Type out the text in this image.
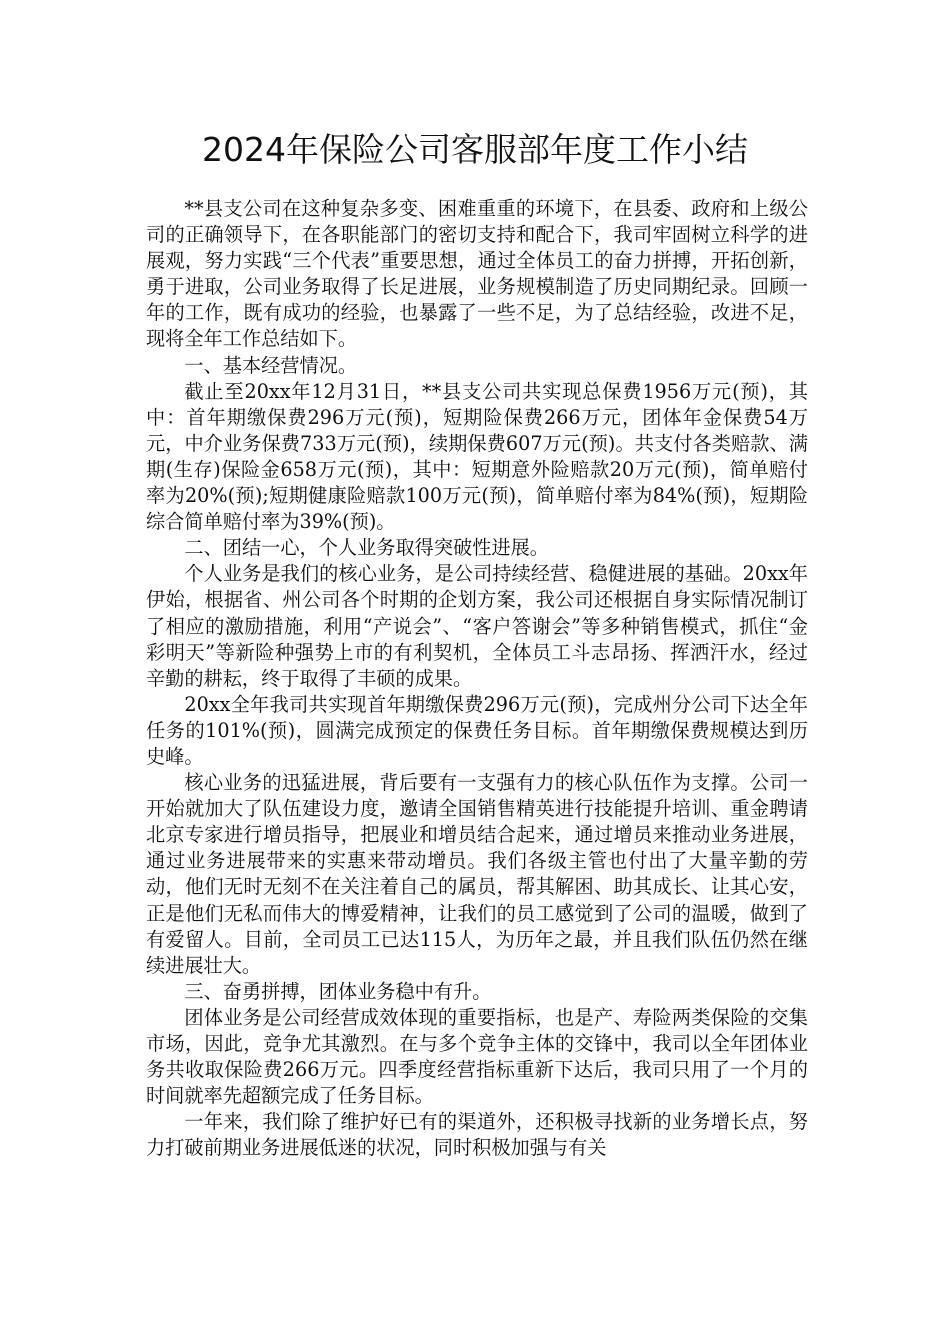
2024年保险公司客服部年度工作小结

**县支公司在这种复杂多变、困难重重的环境下，在县委、政府和上级公司的正确领导下，在各职能部门的密切支持和配合下，我司牢固树立科学的进展观，努力实践“三个代表”重要思想，通过全体员工的奋力拼搏，开拓创新，勇于进取，公司业务取得了长足进展，业务规模制造了历史同期纪录。回顾一年的工作，既有成功的经验，也暴露了一些不足，为了总结经验，改进不足，现将全年工作总结如下。

一、基本经营情况。

截止至20xx年12月31日，**县支公司共实现总保费1956万元(预)，其中：首年期缴保费296万元(预)，短期险保费266万元，团体年金保费54万元，中介业务保费733万元(预)，续期保费607万元(预)。共支付各类赔款、满期(生存)保险金658万元(预)，其中：短期意外险赔款20万元(预)，简单赔付率为20%(预);短期健康险赔款100万元(预)，简单赔付率为84%(预)，短期险综合简单赔付率为39%(预)。

二、团结一心，个人业务取得突破性进展。

个人业务是我们的核心业务，是公司持续经营、稳健进展的基础。20xx年伊始，根据省、州公司各个时期的企划方案，我公司还根据自身实际情况制订了相应的激励措施，利用“产说会”、“客户答谢会”等多种销售模式，抓住“金彩明天”等新险种强势上市的有利契机，全体员工斗志昂扬、挥洒汗水，经过辛勤的耕耘，终于取得了丰硕的成果。

20xx全年我司共实现首年期缴保费296万元(预)，完成州分公司下达全年任务的101%(预)，圆满完成预定的保费任务目标。首年期缴保费规模达到历史峰。

核心业务的迅猛进展，背后要有一支强有力的核心队伍作为支撑。公司一开始就加大了队伍建设力度，邀请全国销售精英进行技能提升培训、重金聘请北京专家进行增员指导，把展业和增员结合起来，通过增员来推动业务进展，通过业务进展带来的实惠来带动增员。我们各级主管也付出了大量辛勤的劳动，他们无时无刻不在关注着自己的属员，帮其解困、助其成长、让其心安，正是他们无私而伟大的博爱精神，让我们的员工感觉到了公司的温暖，做到了有爱留人。目前，全司员工已达115人，为历年之最，并且我们队伍仍然在继续进展壮大。

三、奋勇拼搏，团体业务稳中有升。

团体业务是公司经营成效体现的重要指标，也是产、寿险两类保险的交集市场，因此，竞争尤其激烈。在与多个竞争主体的交锋中，我司以全年团体业务共收取保险费266万元。四季度经营指标重新下达后，我司只用了一个月的时间就率先超额完成了任务目标。

一年来，我们除了维护好已有的渠道外，还积极寻找新的业务增长点，努力打破前期业务进展低迷的状况，同时积极加强与有关
